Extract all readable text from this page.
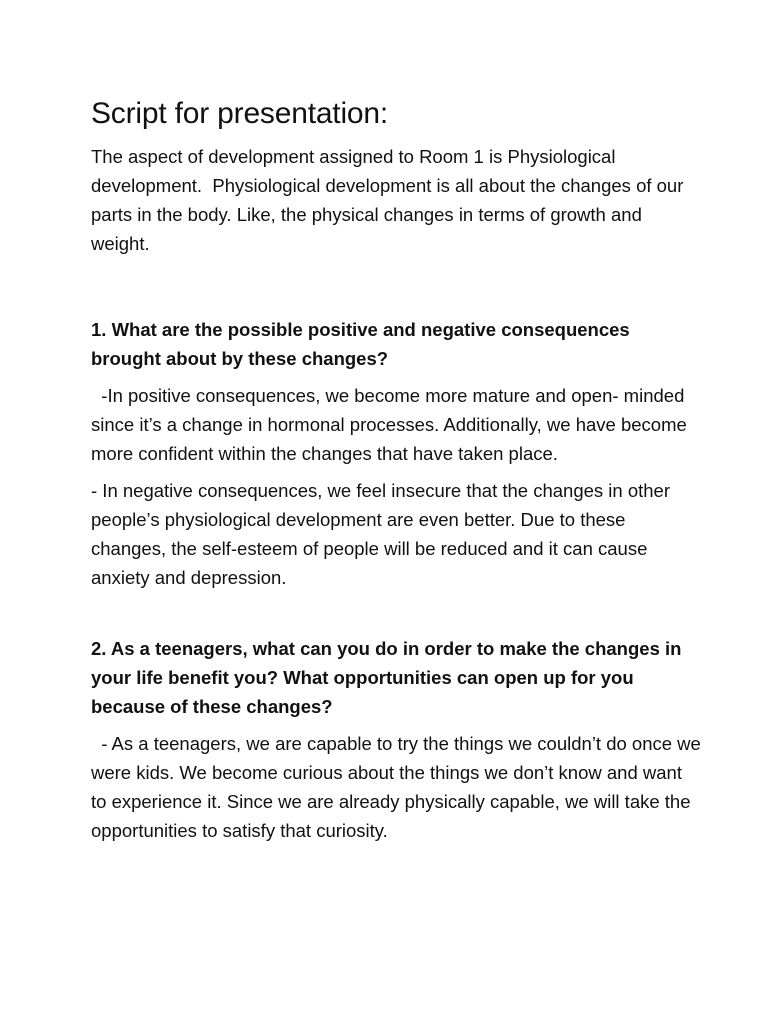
Script for presentation:

The aspect of development assigned to Room 1 is Physiological development.  Physiological development is all about the changes of our parts in the body. Like, the physical changes in terms of growth and weight.

1. What are the possible positive and negative consequences brought about by these changes?

-In positive consequences, we become more mature and open- minded since it’s a change in hormonal processes. Additionally, we have become more confident within the changes that have taken place.

- In negative consequences, we feel insecure that the changes in other people’s physiological development are even better. Due to these changes, the self-esteem of people will be reduced and it can cause anxiety and depression.

2. As a teenagers, what can you do in order to make the changes in your life benefit you? What opportunities can open up for you because of these changes?

- As a teenagers, we are capable to try the things we couldn’t do once we were kids. We become curious about the things we don’t know and want to experience it. Since we are already physically capable, we will take the opportunities to satisfy that curiosity.
